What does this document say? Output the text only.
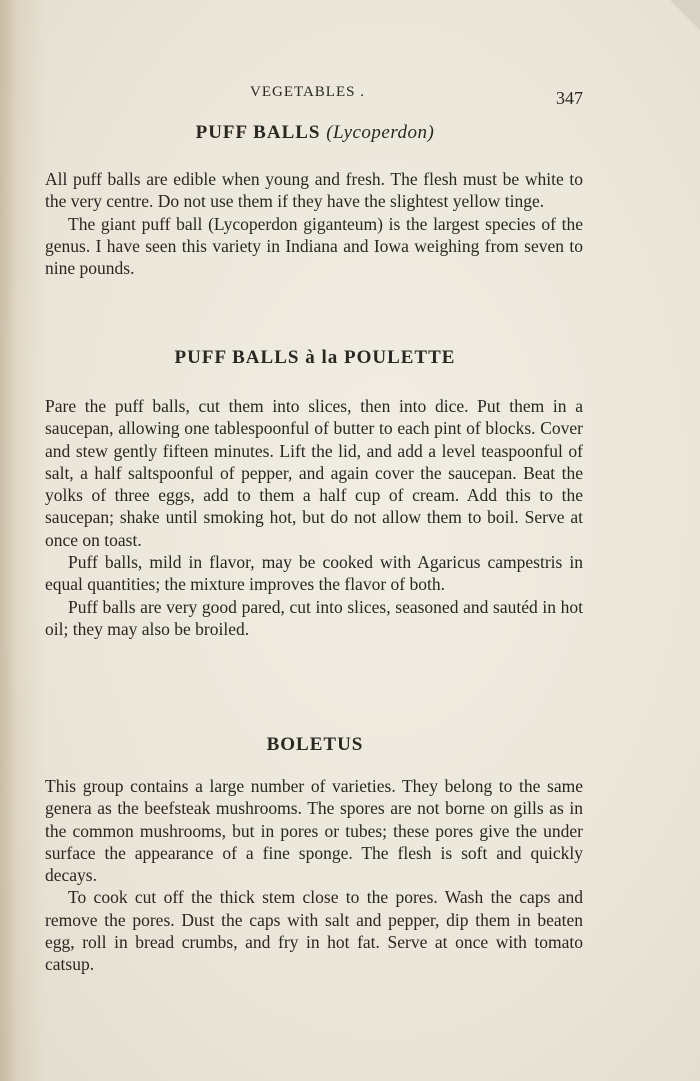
VEGETABLES .	347
PUFF BALLS (Lycoperdon)

All puff balls are edible when young and fresh. The flesh must be white to the very centre. Do not use them if they have the slightest yellow tinge.

The giant puff ball (Lycoperdon giganteum) is the largest species of the genus. I have seen this variety in Indiana and Iowa weighing from seven to nine pounds.

PUFF BALLS à la POULETTE

Pare the puff balls, cut them into slices, then into dice. Put them in a saucepan, allowing one tablespoonful of butter to each pint of blocks. Cover and stew gently fifteen minutes. Lift the lid, and add a level teaspoonful of salt, a half saltspoonful of pepper, and again cover the saucepan. Beat the yolks of three eggs, add to them a half cup of cream. Add this to the saucepan; shake until smoking hot, but do not allow them to boil. Serve at once on toast.

Puff balls, mild in flavor, may be cooked with Agaricus campestris in equal quantities; the mixture improves the flavor of both.

Puff balls are very good pared, cut into slices, seasoned and sautéd in hot oil; they may also be broiled.

BOLETUS

This group contains a large number of varieties. They belong to the same genera as the beefsteak mushrooms. The spores are not borne on gills as in the common mushrooms, but in pores or tubes; these pores give the under surface the appearance of a fine sponge. The flesh is soft and quickly decays.

To cook cut off the thick stem close to the pores. Wash the caps and remove the pores. Dust the caps with salt and pepper, dip them in beaten egg, roll in bread crumbs, and fry in hot fat. Serve at once with tomato catsup.
